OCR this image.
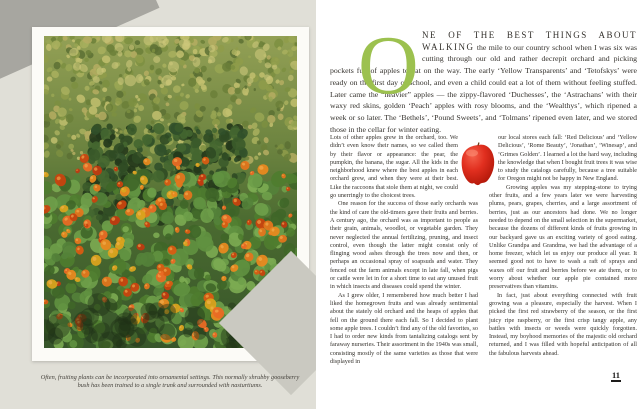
Often, fruiting plants can be incorporated into ornamental settings. This normally shrubby gooseberry bush has been trained to a single trunk and surrounded with nasturtiums.
O NE OF THE BEST THINGS ABOUT WALKING the mile to our country school when I was six was cutting through our old and rather decrepit orchard and picking pockets full of apples to eat on the way. The early ‘Yellow Transparents’ and ‘Tetofskys’ were ready on the first day of school, and even a child could eat a lot of them without feeling stuffed. Later came the “heavier” apples — the zippy-flavored ‘Duchesses’, the ‘Astrachans’ with their waxy red skins, golden ‘Peach’ apples with rosy blooms, and the ‘Wealthys’, which ripened a week or so later. The ‘Bethels’, ‘Pound Sweets’, and ‘Tolmans’ ripened even later, and we stored those in the cellar for winter eating.

Lots of other apples grew in the orchard, too. We didn’t even know their names, so we called them by their flavor or appearance: the pear, the pumpkin, the banana, the sugar. All the kids in the neighborhood knew where the best apples in each orchard grew, and when they were at their best. Like the raccoons that stole them at night, we could go unerringly to the choicest trees.

One reason for the success of those early orchards was the kind of care the old-timers gave their fruits and berries. A century ago, the orchard was as important to people as their grain, animals, woodlot, or vegetable garden. They never neglected the annual fertilizing, pruning, and insect control, even though the latter might consist only of flinging wood ashes through the trees now and then, or perhaps an occasional spray of soapsuds and water. They fenced out the farm animals except in late fall, when pigs or cattle were let in for a short time to eat any unused fruit in which insects and diseases could spend the winter.

As I grew older, I remembered how much better I had liked the homegrown fruits and was already sentimental about the stately old orchard and the heaps of apples that fell on the ground there each fall. So I decided to plant some apple trees. I couldn’t find any of the old favorites, so I had to order new kinds from tantalizing catalogs sent by faraway nurseries. Their assortment in the 1940s was small, consisting mostly of the same varieties as those that were displayed in

our local stores each fall: ‘Red Delicious’ and ‘Yellow Delicious’, ‘Rome Beauty’, ‘Jonathan’, ‘Winesap’, and ‘Grimes Golden’. I learned a lot the hard way, including the knowledge that when I bought fruit trees it was wise to study the catalogs carefully, because a tree suitable for Oregon might not be happy in New England.

Growing apples was my stepping-stone to trying other fruits, and a few years later we were harvesting plums, pears, grapes, cherries, and a large assortment of berries, just as our ancestors had done. We no longer needed to depend on the small selection in the supermarket, because the dozens of different kinds of fruits growing in our backyard gave us an exciting variety of good eating. Unlike Grandpa and Grandma, we had the advantage of a home freezer, which let us enjoy our produce all year. It seemed good not to have to wash a raft of sprays and waxes off our fruit and berries before we ate them, or to worry about whether our apple pie contained more preservatives than vitamins.

In fact, just about everything connected with fruit growing was a pleasure, especially the harvest. When I picked the first red strawberry of the season, or the first juicy ripe raspberry, or the first crisp tangy apple, any battles with insects or weeds were quickly forgotten. Instead, my boyhood memories of the majestic old orchard returned, and I was filled with hopeful anticipation of all the fabulous harvests ahead.

11
